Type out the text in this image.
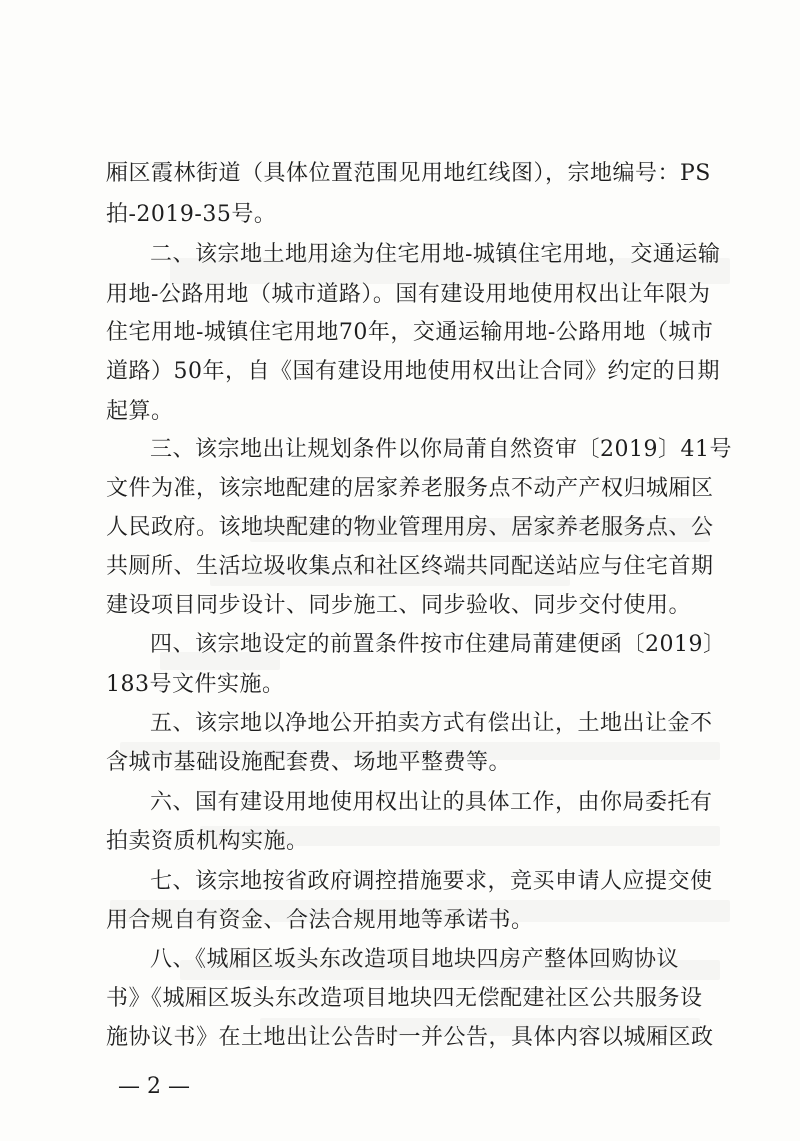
厢区霞林街道（具体位置范围见用地红线图），宗地编号：PS

拍-2019-35号。

二、该宗地土地用途为住宅用地-城镇住宅用地，交通运输

用地-公路用地（城市道路）。国有建设用地使用权出让年限为

住宅用地-城镇住宅用地70年，交通运输用地-公路用地（城市

道路）50年，自《国有建设用地使用权出让合同》约定的日期

起算。

三、该宗地出让规划条件以你局莆自然资审〔2019〕41号

文件为准，该宗地配建的居家养老服务点不动产产权归城厢区

人民政府。该地块配建的物业管理用房、居家养老服务点、公

共厕所、生活垃圾收集点和社区终端共同配送站应与住宅首期

建设项目同步设计、同步施工、同步验收、同步交付使用。

四、该宗地设定的前置条件按市住建局莆建便函〔2019〕

183号文件实施。

五、该宗地以净地公开拍卖方式有偿出让，土地出让金不

含城市基础设施配套费、场地平整费等。

六、国有建设用地使用权出让的具体工作，由你局委托有

拍卖资质机构实施。

七、该宗地按省政府调控措施要求，竞买申请人应提交使

用合规自有资金、合法合规用地等承诺书。

八、《城厢区坂头东改造项目地块四房产整体回购协议

书》《城厢区坂头东改造项目地块四无偿配建社区公共服务设

施协议书》在土地出让公告时一并公告，具体内容以城厢区政

— 2 —
